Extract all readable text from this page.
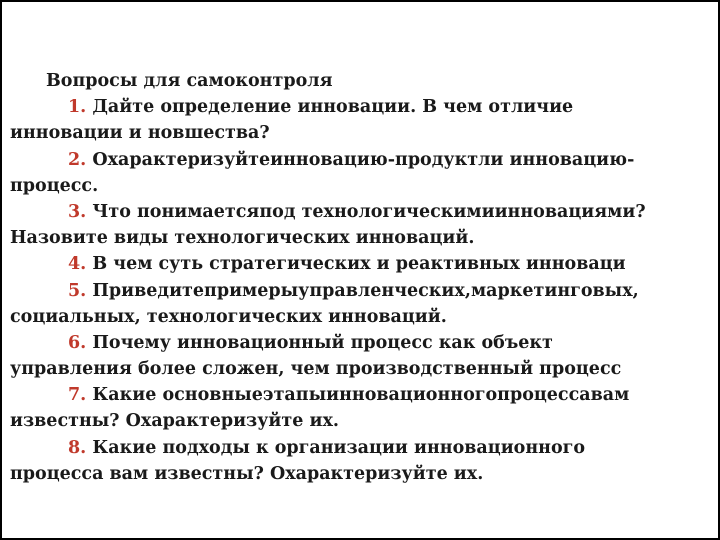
Вопросы для самоконтроля
1. Дайте определение инновации. В чем отличие
инновации и новшества?
2. Охарактеризуйтеинновацию-продуктли инновацию-
процесс.
3. Что понимаетсяпод технологическимиинновациями?
Назовите виды технологических инноваций.
4. В чем суть стратегических и реактивных инноваци
5. Приведитепримерыуправленческих,маркетинговых,
социальных, технологических инноваций.
6. Почему инновационный процесс как объект
управления более сложен, чем производственный процесс
7. Какие основныеэтапыинновационногопроцессавам
известны? Охарактеризуйте их.
8. Какие подходы к организации инновационного
процесса вам известны? Охарактеризуйте их.
